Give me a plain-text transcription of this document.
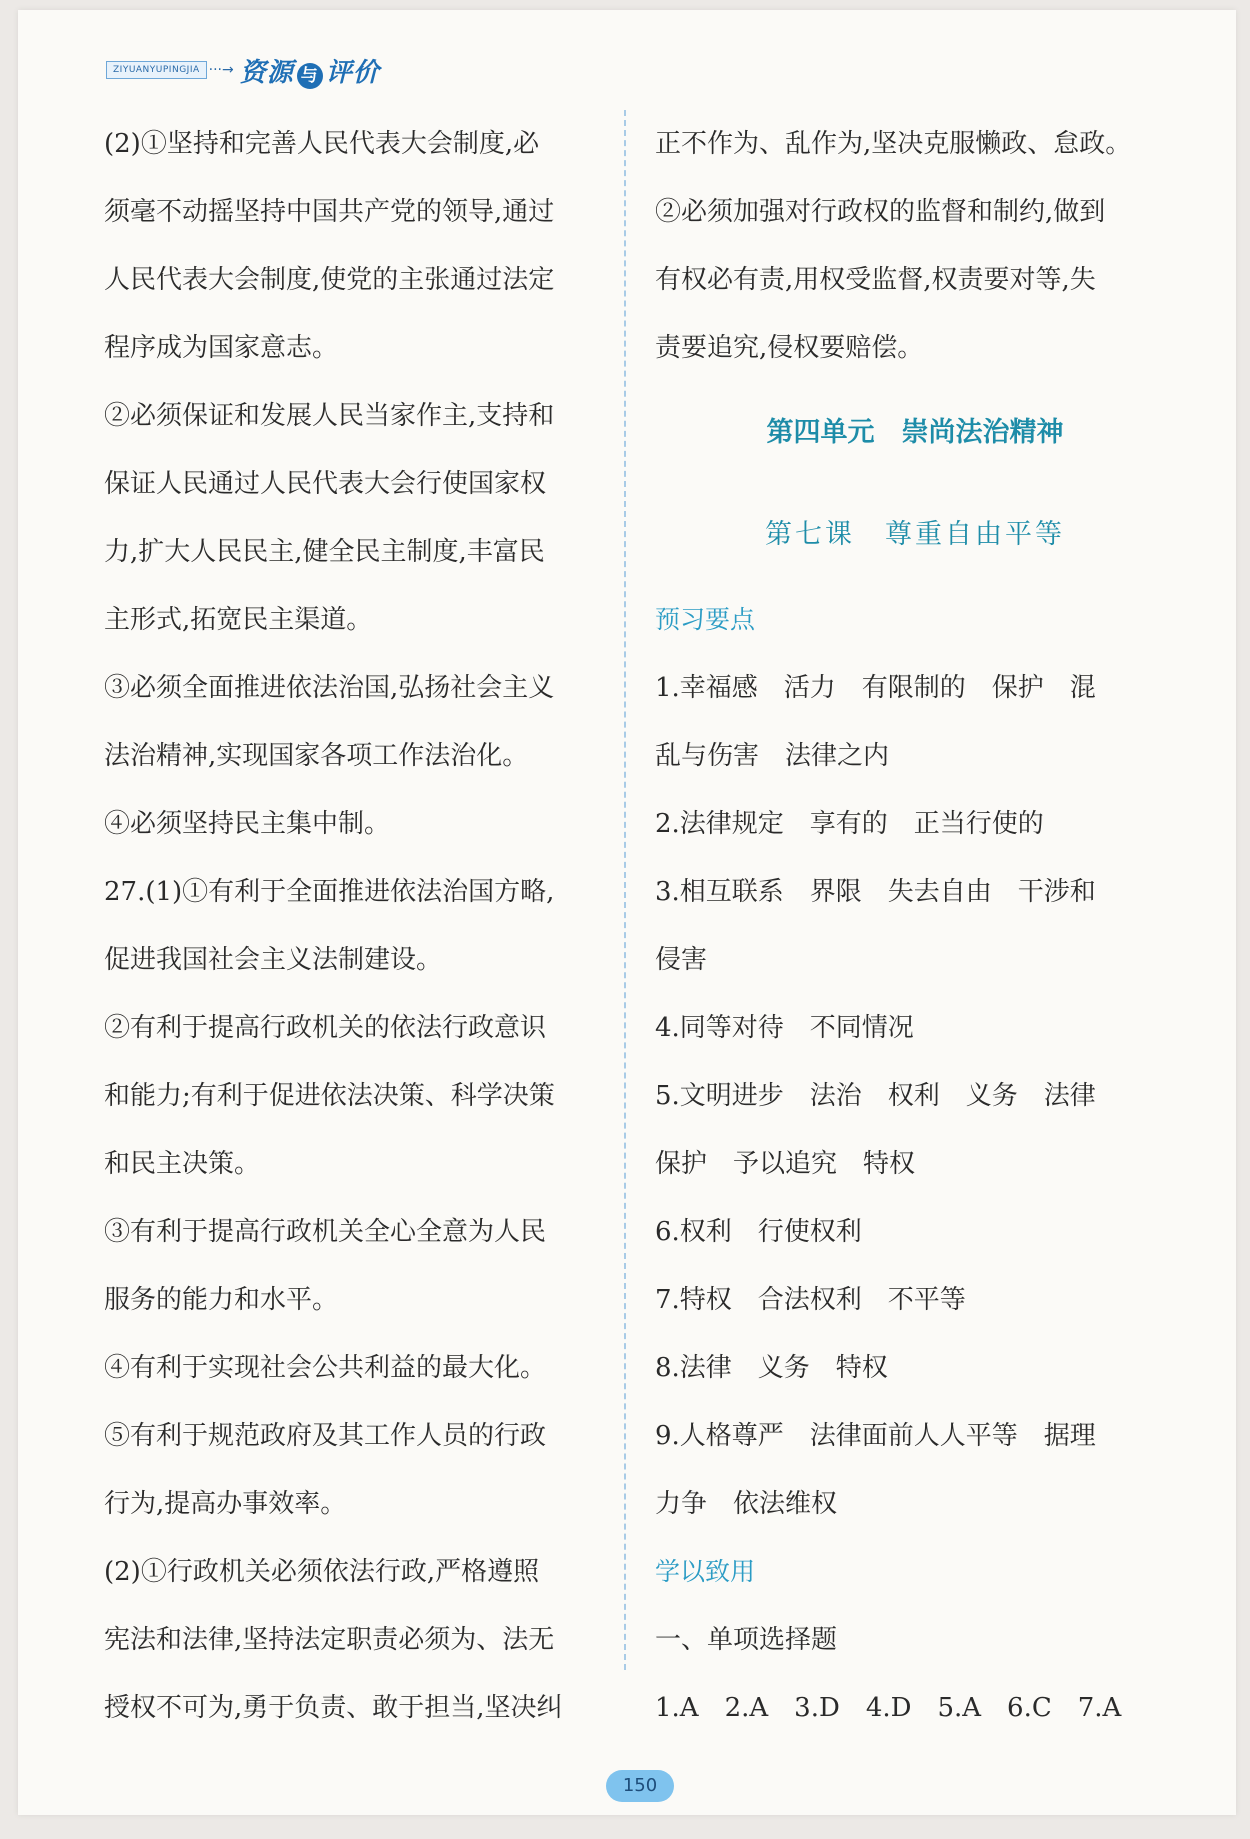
ZIYUANYUPINGJIA ···→ 资源 与 评价
(2)①坚持和完善人民代表大会制度,必
须毫不动摇坚持中国共产党的领导,通过
人民代表大会制度,使党的主张通过法定
程序成为国家意志。
②必须保证和发展人民当家作主,支持和
保证人民通过人民代表大会行使国家权
力,扩大人民民主,健全民主制度,丰富民
主形式,拓宽民主渠道。
③必须全面推进依法治国,弘扬社会主义
法治精神,实现国家各项工作法治化。
④必须坚持民主集中制。
27.(1)①有利于全面推进依法治国方略,
促进我国社会主义法制建设。
②有利于提高行政机关的依法行政意识
和能力;有利于促进依法决策、科学决策
和民主决策。
③有利于提高行政机关全心全意为人民
服务的能力和水平。
④有利于实现社会公共利益的最大化。
⑤有利于规范政府及其工作人员的行政
行为,提高办事效率。
(2)①行政机关必须依法行政,严格遵照
宪法和法律,坚持法定职责必须为、法无
授权不可为,勇于负责、敢于担当,坚决纠
正不作为、乱作为,坚决克服懒政、怠政。
②必须加强对行政权的监督和制约,做到
有权必有责,用权受监督,权责要对等,失
责要追究,侵权要赔偿。
第四单元　崇尚法治精神
第七课　尊重自由平等
预习要点
1.幸福感　活力　有限制的　保护　混
乱与伤害　法律之内
2.法律规定　享有的　正当行使的
3.相互联系　界限　失去自由　干涉和
侵害
4.同等对待　不同情况
5.文明进步　法治　权利　义务　法律
保护　予以追究　特权
6.权利　行使权利
7.特权　合法权利　不平等
8.法律　义务　特权
9.人格尊严　法律面前人人平等　据理
力争　依法维权
学以致用
一、单项选择题
1.A　2.A　3.D　4.D　5.A　6.C　7.A
150
